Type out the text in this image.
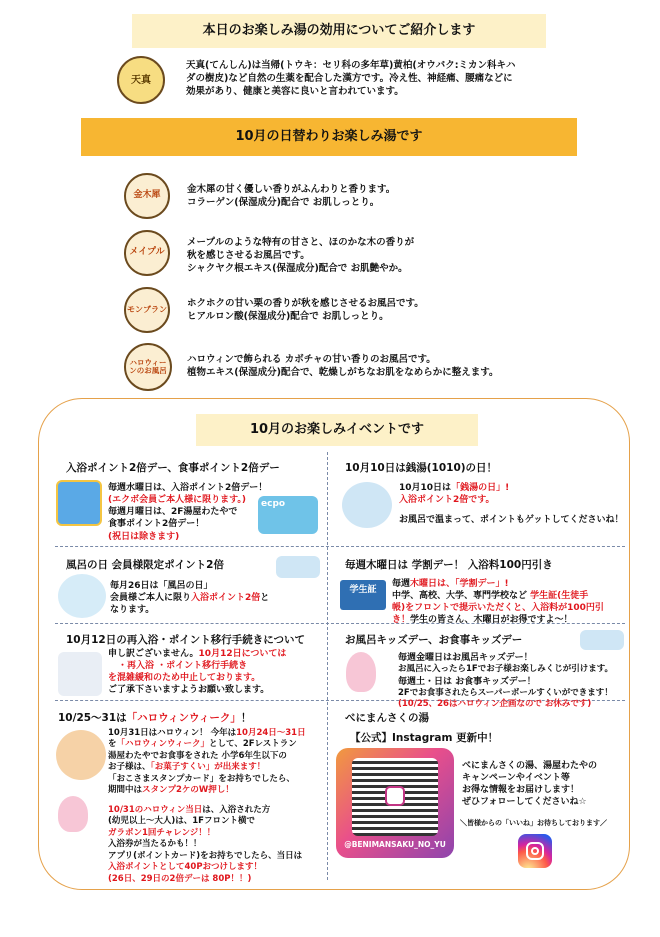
本日のお楽しみ湯の効用についてご紹介します
天真
天真(てんしん)は当帰(トウキ：セリ科の多年草)黄柏(オウバク:ミカン科キハ
ダの樹皮)など自然の生薬を配合した漢方です。冷え性、神経痛、腰痛などに
効果があり、健康と美容に良いと言われています。
10月の日替わりお楽しみ湯です
金木犀
金木犀の甘く優しい香りがふんわりと香ります。
コラーゲン(保湿成分)配合で お肌しっとり。
メイプル
メープルのような特有の甘さと、ほのかな木の香りが
秋を感じさせるお風呂です。
シャクヤク根エキス(保湿成分)配合で お肌艶やか。
モンブラン
ホクホクの甘い栗の香りが秋を感じさせるお風呂です。
ヒアルロン酸(保湿成分)配合で お肌しっとり。
ハロウィーンのお風呂
ハロウィンで飾られる カボチャの甘い香りのお風呂です。
植物エキス(保湿成分)配合で、乾燥しがちなお肌をなめらかに整えます。
10月のお楽しみイベントです
入浴ポイント2倍デー、食事ポイント2倍デー
ecpo
毎週水曜日は、入浴ポイント2倍デー！
(エクボ会員ご本人様に限ります。)
毎週月曜日は、2F湯屋わたやで
食事ポイント2倍デー！
(祝日は除きます)
10月10日は銭湯(1010)の日！
10月10日は「銭湯の日」!
入浴ポイント2倍です。
お風呂で温まって、ポイントもゲットしてくださいね！
風呂の日 会員様限定ポイント2倍
毎月26日は「風呂の日」
会員様ご本人に限り入浴ポイント2倍と
なります。
毎週木曜日は 学割デー！ 入浴料100円引き
学生証
毎週木曜日は、「学割デー」!
中学、高校、大学、専門学校など 学生証(生徒手
帳)をフロントで提示いただくと、入浴料が100円引
き！学生の皆さん、木曜日がお得ですよ～！
10月12日の再入浴・ポイント移行手続きについて
申し訳ございません。10月12日については
・再入浴 ・ポイント移行手続き
を混雑緩和のため中止しております。
ご了承下さいますようお願い致します。
お風呂キッズデー、お食事キッズデー
毎週金曜日はお風呂キッズデー！
お風呂に入ったら1Fでお子様お楽しみくじが引けます。
毎週土・日は お食事キッズデー！
2Fでお食事されたらスーパーボールすくいができます！
(10/25、26はハロウィン企画なので お休みです)
10/25～31は「ハロウィンウィーク」！
10月31日はハロウィン！ 今年は10月24日～31日
を「ハロウィンウィーク」として、2Fレストラン
湯屋わたやでお食事をされた 小学6年生以下の
お子様は、「お菓子すくい」が出来ます！
「おこさまスタンプカード」をお持ちでしたら、
期間中はスタンプ2ケのW押し！
10/31のハロウィン当日は、入浴された方
(幼児以上～大人)は、1Fフロント横で
ガラポン1回チャレンジ！！
入浴券が当たるかも！！
アプリ(ポイントカード)をお持ちでしたら、当日は
入浴ポイントとして40Pおつけします！
(26日、29日の2倍デーは 80P！！)
べにまんさくの湯
【公式】Instagram 更新中！
@BENIMANSAKU_NO_YU
べにまんさくの湯、湯屋わたやの
キャンペーンやイベント等
お得な情報をお届けします！
ぜひフォローしてくださいね☆
＼皆様からの「いいね」お待ちしております／
